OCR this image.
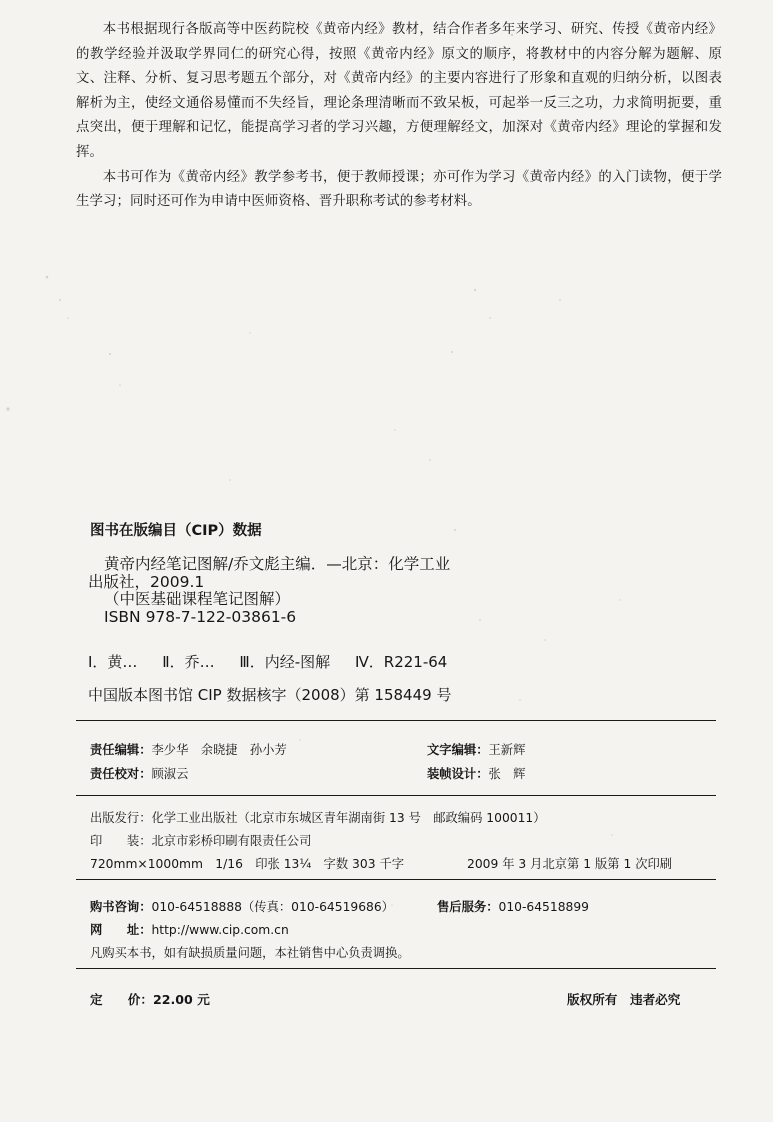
本书根据现行各版高等中医药院校《黄帝内经》教材，结合作者多年来学习、研究、传授《黄帝内经》的教学经验并汲取学界同仁的研究心得，按照《黄帝内经》原文的顺序，将教材中的内容分解为题解、原文、注释、分析、复习思考题五个部分，对《黄帝内经》的主要内容进行了形象和直观的归纳分析，以图表解析为主，使经文通俗易懂而不失经旨，理论条理清晰而不致呆板，可起举一反三之功，力求简明扼要，重点突出，便于理解和记忆，能提高学习者的学习兴趣，方便理解经文，加深对《黄帝内经》理论的掌握和发挥。

本书可作为《黄帝内经》教学参考书，便于教师授课；亦可作为学习《黄帝内经》的入门读物，便于学生学习；同时还可作为申请中医师资格、晋升职称考试的参考材料。

图书在版编目（CIP）数据
黄帝内经笔记图解/乔文彪主编．—北京：化学工业
出版社，2009.1
（中医基础课程笔记图解）
ISBN 978-7-122-03861-6
Ⅰ．黄… Ⅱ．乔… Ⅲ．内经-图解 Ⅳ．R221-64
中国版本图书馆 CIP 数据核字（2008）第 158449 号
责任编辑：李少华　余晓捷　孙小芳	文字编辑：王新辉
责任校对：顾淑云	装帧设计：张　辉
出版发行：化学工业出版社（北京市东城区青年湖南街 13 号　邮政编码 100011）
印　　装：北京市彩桥印刷有限责任公司
720mm×1000mm　1/16　印张 13¼　字数 303 千字	2009 年 3 月北京第 1 版第 1 次印刷
购书咨询：010-64518888（传真：010-64519686）	售后服务：010-64518899
网　　址：http://www.cip.com.cn
凡购买本书，如有缺损质量问题，本社销售中心负责调换。
定　　价：22.00 元	版权所有　违者必究
